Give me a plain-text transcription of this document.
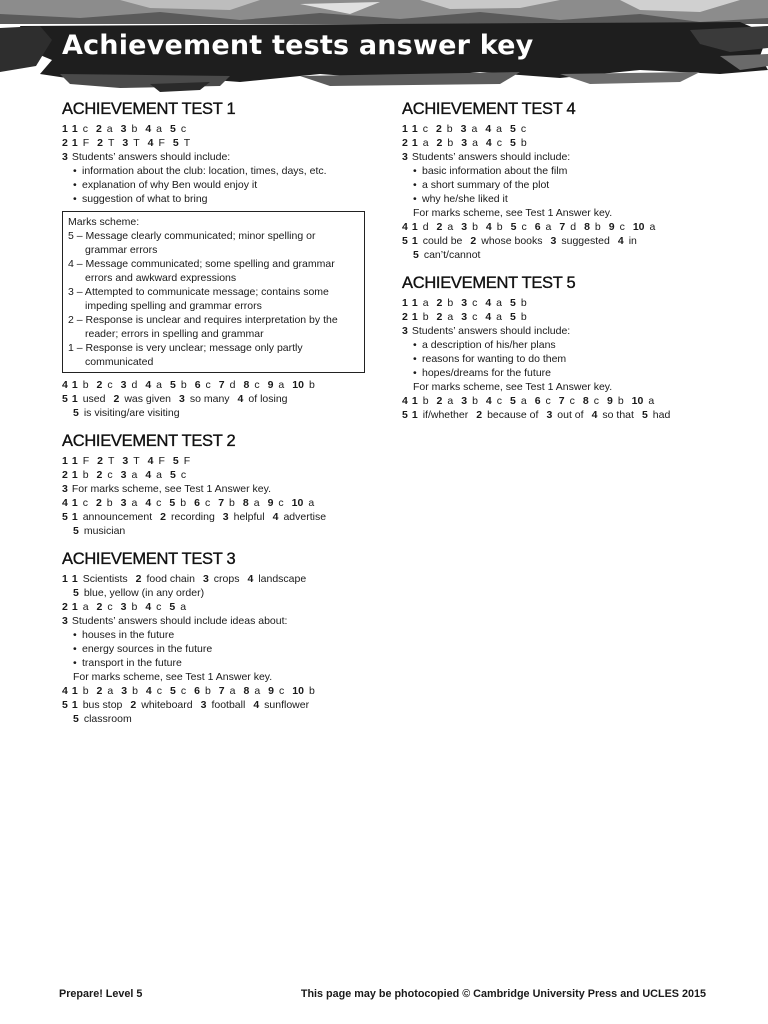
Achievement tests answer key
ACHIEVEMENT TEST 1
1 1 c 2 a 3 b 4 a 5 c
2 1 F 2 T 3 T 4 F 5 T
3 Students’ answers should include:
• information about the club: location, times, days, etc.
• explanation of why Ben would enjoy it
• suggestion of what to bring
Marks scheme:
5 – Message clearly communicated; minor spelling or grammar errors
4 – Message communicated; some spelling and grammar errors and awkward expressions
3 – Attempted to communicate message; contains some impeding spelling and grammar errors
2 – Response is unclear and requires interpretation by the reader; errors in spelling and grammar
1 – Response is very unclear; message only partly communicated
4 1 b 2 c 3 d 4 a 5 b 6 c 7 d 8 c 9 a 10 b
5 1 used 2 was given 3 so many 4 of losing
5 is visiting/are visiting
ACHIEVEMENT TEST 2
1 1 F 2 T 3 T 4 F 5 F
2 1 b 2 c 3 a 4 a 5 c
3 For marks scheme, see Test 1 Answer key.
4 1 c 2 b 3 a 4 c 5 b 6 c 7 b 8 a 9 c 10 a
5 1 announcement 2 recording 3 helpful 4 advertise
5 musician
ACHIEVEMENT TEST 3
1 1 Scientists 2 food chain 3 crops 4 landscape
5 blue, yellow (in any order)
2 1 a 2 c 3 b 4 c 5 a
3 Students’ answers should include ideas about:
• houses in the future
• energy sources in the future
• transport in the future
For marks scheme, see Test 1 Answer key.
4 1 b 2 a 3 b 4 c 5 c 6 b 7 a 8 a 9 c 10 b
5 1 bus stop 2 whiteboard 3 football 4 sunflower
5 classroom
ACHIEVEMENT TEST 4
1 1 c 2 b 3 a 4 a 5 c
2 1 a 2 b 3 a 4 c 5 b
3 Students’ answers should include:
• basic information about the film
• a short summary of the plot
• why he/she liked it
For marks scheme, see Test 1 Answer key.
4 1 d 2 a 3 b 4 b 5 c 6 a 7 d 8 b 9 c 10 a
5 1 could be 2 whose books 3 suggested 4 in
5 can’t/cannot
ACHIEVEMENT TEST 5
1 1 a 2 b 3 c 4 a 5 b
2 1 b 2 a 3 c 4 a 5 b
3 Students’ answers should include:
• a description of his/her plans
• reasons for wanting to do them
• hopes/dreams for the future
For marks scheme, see Test 1 Answer key.
4 1 b 2 a 3 b 4 c 5 a 6 c 7 c 8 c 9 b 10 a
5 1 if/whether 2 because of 3 out of 4 so that 5 had
Prepare! Level 5	This page may be photocopied © Cambridge University Press and UCLES 2015
